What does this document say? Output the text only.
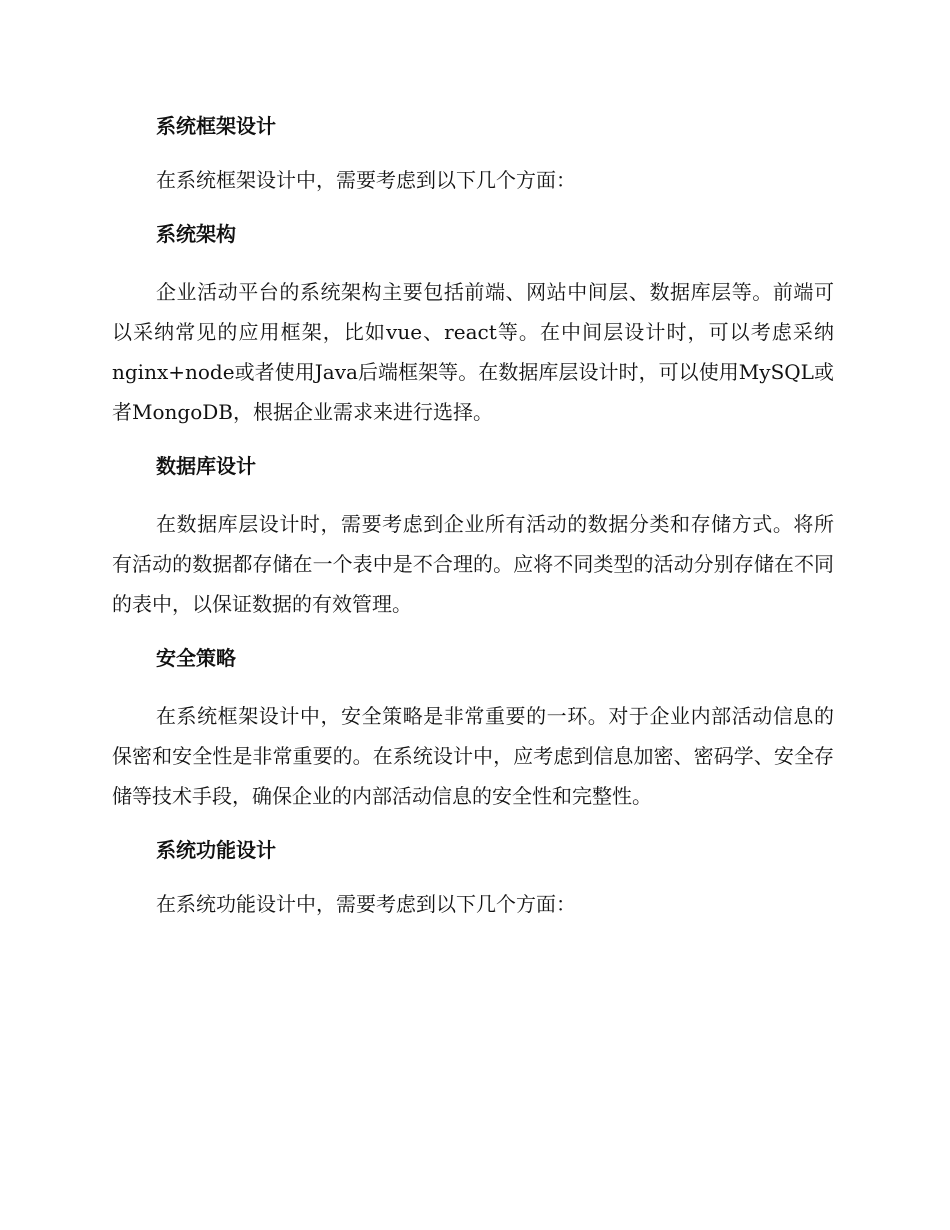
系统框架设计
在系统框架设计中，需要考虑到以下几个方面：
系统架构
企业活动平台的系统架构主要包括前端、网站中间层、数据库层等。前端可以采纳常见的应用框架，比如vue、react等。在中间层设计时，可以考虑采纳nginx+node或者使用Java后端框架等。在数据库层设计时，可以使用MySQL或者MongoDB，根据企业需求来进行选择。
数据库设计
在数据库层设计时，需要考虑到企业所有活动的数据分类和存储方式。将所有活动的数据都存储在一个表中是不合理的。应将不同类型的活动分别存储在不同的表中，以保证数据的有效管理。
安全策略
在系统框架设计中，安全策略是非常重要的一环。对于企业内部活动信息的保密和安全性是非常重要的。在系统设计中，应考虑到信息加密、密码学、安全存储等技术手段，确保企业的内部活动信息的安全性和完整性。
系统功能设计
在系统功能设计中，需要考虑到以下几个方面：
